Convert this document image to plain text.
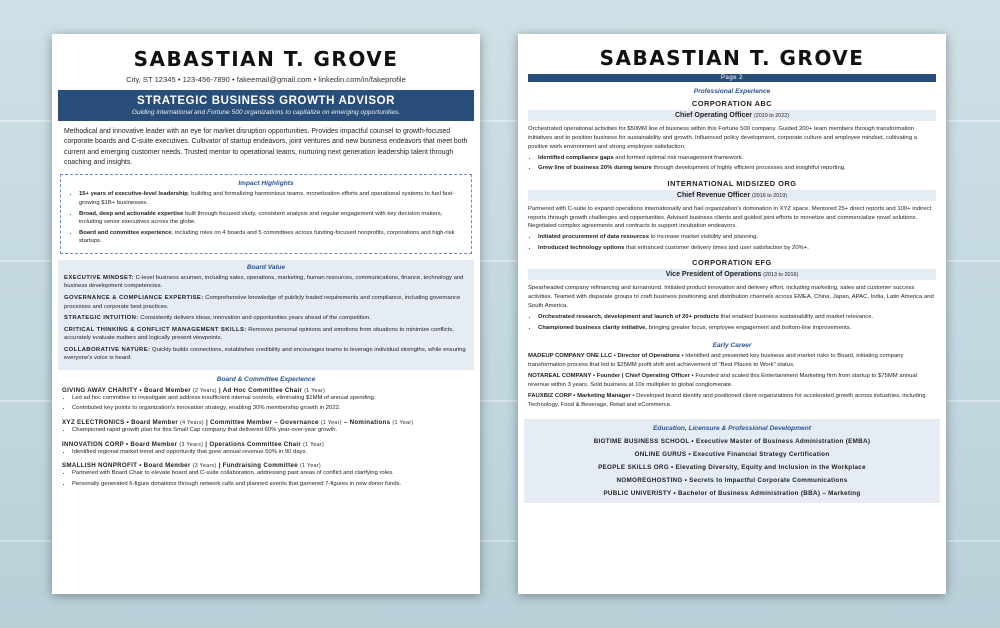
SABASTIAN T. GROVE
City, ST 12345 • 123-456-7890 • fakeemail@gmail.com • linkedin.com/in/fakeprofile
STRATEGIC BUSINESS GROWTH ADVISOR
Guiding international and Fortune 500 organizations to capitalize on emerging opportunities.
Methodical and innovative leader with an eye for market disruption opportunities. Provides impactful counsel to growth-focused corporate boards and C-suite executives. Cultivator of startup endeavors, joint ventures and new business endeavors that meet both current and emerging customer needs. Trusted mentor to operational teams, nurturing next generation leadership talent through coaching and insights.
Impact Highlights
• 15+ years of executive-level leadership, building and formalizing harmonious teams, monetization efforts and operational systems to fuel fast-growing $1B+ businesses.
• Broad, deep and actionable expertise built through focused study, consistent analysis and regular engagement with key decision makers, including senior executives across the globe.
• Board and committee experience, including roles on 4 boards and 5 committees across funding-focused nonprofits, corporations and high-risk startups.
Board Value
EXECUTIVE MINDSET: C-level business acumen, including sales, operations, marketing, human resources, communications, finance, technology and business development competencies.
GOVERNANCE & COMPLIANCE EXPERTISE: Comprehensive knowledge of publicly traded requirements and compliance, including governance processes and corporate best practices.
STRATEGIC INTUITION: Consistently delivers ideas, innovation and opportunities years ahead of the competition.
CRITICAL THINKING & CONFLICT MANAGEMENT SKILLS: Removes personal opinions and emotions from situations to minimize conflicts, accurately evaluate matters and logically present viewpoints.
COLLABORATIVE NATURE: Quickly builds connections, establishes credibility and encourages teams to leverage individual strengths, while ensuring everyone's voice is heard.
Board & Committee Experience
GIVING AWAY CHARITY • Board Member (2 Years) | Ad Hoc Committee Chair (1 Year)
• Led ad hoc committee to investigate and address insufficient internal controls, eliminating $1MM of annual spending.
• Contributed key points to organization's innovation strategy, enabling 30% membership growth in 2022.
XYZ ELECTRONICS • Board Member (4 Years) | Committee Member – Governance (1 Year) – Nominations (1 Year)
• Championed rapid growth plan for this Small Cap company that delivered 60% year-over-year growth.
INNOVATION CORP • Board Member (3 Years) | Operations Committee Chair (1 Year)
• Identified regional market trend and opportunity that grew annual revenue 50% in 90 days.
SMALLISH NONPROFIT • Board Member (3 Years) | Fundraising Committee (1 Year)
• Partnered with Board Chair to elevate board and C-suite collaboration, addressing past areas of conflict and clarifying roles.
• Personally generated 6-figure donations through network calls and planned events that garnered 7-figures in new donor funds.
SABASTIAN T. GROVE
Page 2
Professional Experience
CORPORATION ABC
Chief Operating Officer (2019 to 2022)
Orchestrated operational activities for $50MM line of business within this Fortune 500 company. Guided 200+ team members through transformation initiatives and to position business for sustainability and growth. Influenced policy development, corporate culture and employee mindset, cultivating a positive work environment and strong employee satisfaction.
• Identified compliance gaps and formed optimal risk management framework.
• Grew line of business 20% during tenure through development of highly efficient processes and insightful reporting.
INTERNATIONAL MIDSIZED ORG
Chief Revenue Officer (2016 to 2019)
Partnered with C-suite to expand operations internationally and fuel organization's domination in XYZ space. Mentored 25+ direct reports and 100+ indirect reports through growth challenges and opportunities. Advised business clients and guided joint efforts to monetize and commercialize novel solutions. Negotiated complex agreements and contracts to support incubation endeavors.
• Initiated procurement of data resources to increase market visibility and planning.
• Introduced technology options that enhanced customer delivery times and user satisfaction by 20%+.
CORPORATION EFG
Vice President of Operations (2013 to 2016)
Spearheaded company refinancing and turnaround. Initiated product innovation and delivery effort, including marketing, sales and customer success activities. Teamed with disparate groups to craft business positioning and distribution channels across EMEA, China, Japan, APAC, India, Latin America and South America.
• Orchestrated research, development and launch of 20+ products that enabled business sustainability and market relevance.
• Championed business clarity initiative, bringing greater focus, employee engagement and bottom-line improvements.
Early Career

MADEUP COMPANY ONE LLC • Director of Operations • Identified and presented key business and market risks to Board, initiating company transformation process that led to $25MM profit shift and achievement of "Best Places to Work" status.

NOTAREAL COMPANY • Founder | Chief Operating Officer • Founded and scaled this Entertainment Marketing firm from startup to $75MM annual revenue within 3 years. Sold business at 10x multiplier to global conglomerate.

FAUXBIZ CORP • Marketing Manager • Developed brand identity and positioned client organizations for accelerated growth across industries, including Technology, Food & Beverage, Retail and eCommerce.

Education, Licensure & Professional Development
BIGTIME BUSINESS SCHOOL • Executive Master of Business Administration (EMBA)
ONLINE GURUS • Executive Financial Strategy Certification
PEOPLE SKILLS ORG • Elevating Diversity, Equity and Inclusion in the Workplace
NOMOREGHOSTING • Secrets to Impactful Corporate Communications
PUBLIC UNIVERISTY • Bachelor of Business Administration (BBA) – Marketing
